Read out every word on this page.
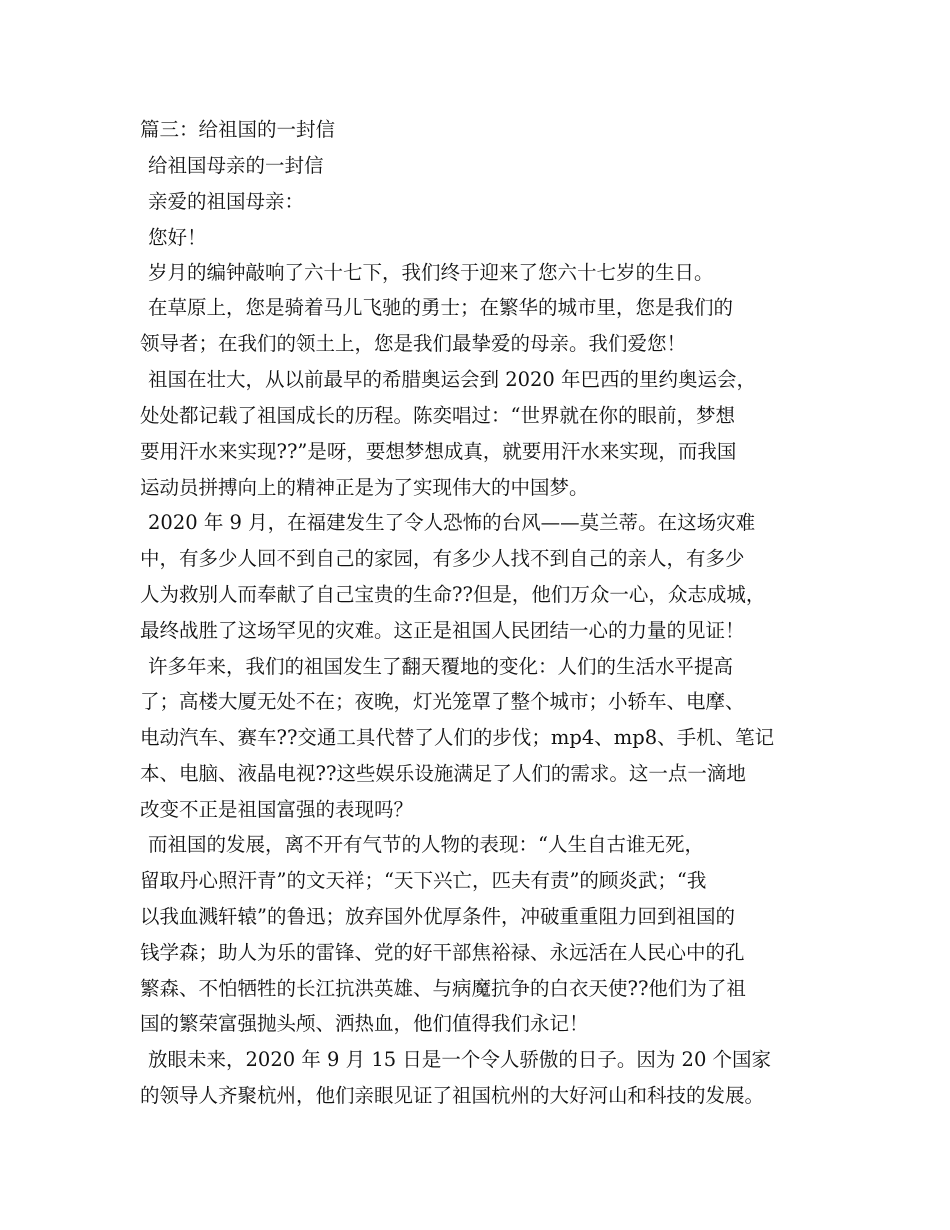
篇三：给祖国的一封信
给祖国母亲的一封信
亲爱的祖国母亲：
您好！
岁月的编钟敲响了六十七下，我们终于迎来了您六十七岁的生日。
在草原上，您是骑着马儿飞驰的勇士；在繁华的城市里，您是我们的
领导者；在我们的领土上，您是我们最挚爱的母亲。我们爱您！
祖国在壮大，从以前最早的希腊奥运会到 2020 年巴西的里约奥运会，
处处都记载了祖国成长的历程。陈奕唱过：“世界就在你的眼前，梦想
要用汗水来实现??”是呀，要想梦想成真，就要用汗水来实现，而我国
运动员拼搏向上的精神正是为了实现伟大的中国梦。
2020 年 9 月，在福建发生了令人恐怖的台风——莫兰蒂。在这场灾难
中，有多少人回不到自己的家园，有多少人找不到自己的亲人，有多少
人为救别人而奉献了自己宝贵的生命??但是，他们万众一心，众志成城，
最终战胜了这场罕见的灾难。这正是祖国人民团结一心的力量的见证！
许多年来，我们的祖国发生了翻天覆地的变化：人们的生活水平提高
了；高楼大厦无处不在；夜晚，灯光笼罩了整个城市；小轿车、电摩、
电动汽车、赛车??交通工具代替了人们的步伐；mp4、mp8、手机、笔记
本、电脑、液晶电视??这些娱乐设施满足了人们的需求。这一点一滴地
改变不正是祖国富强的表现吗？
而祖国的发展，离不开有气节的人物的表现：“人生自古谁无死，
留取丹心照汗青”的文天祥；“天下兴亡，匹夫有责”的顾炎武；“我
以我血溅轩辕”的鲁迅；放弃国外优厚条件，冲破重重阻力回到祖国的
钱学森；助人为乐的雷锋、党的好干部焦裕禄、永远活在人民心中的孔
繁森、不怕牺牲的长江抗洪英雄、与病魔抗争的白衣天使??他们为了祖
国的繁荣富强抛头颅、洒热血，他们值得我们永记！
放眼未来，2020 年 9 月 15 日是一个令人骄傲的日子。因为 20 个国家
的领导人齐聚杭州，他们亲眼见证了祖国杭州的大好河山和科技的发展。
